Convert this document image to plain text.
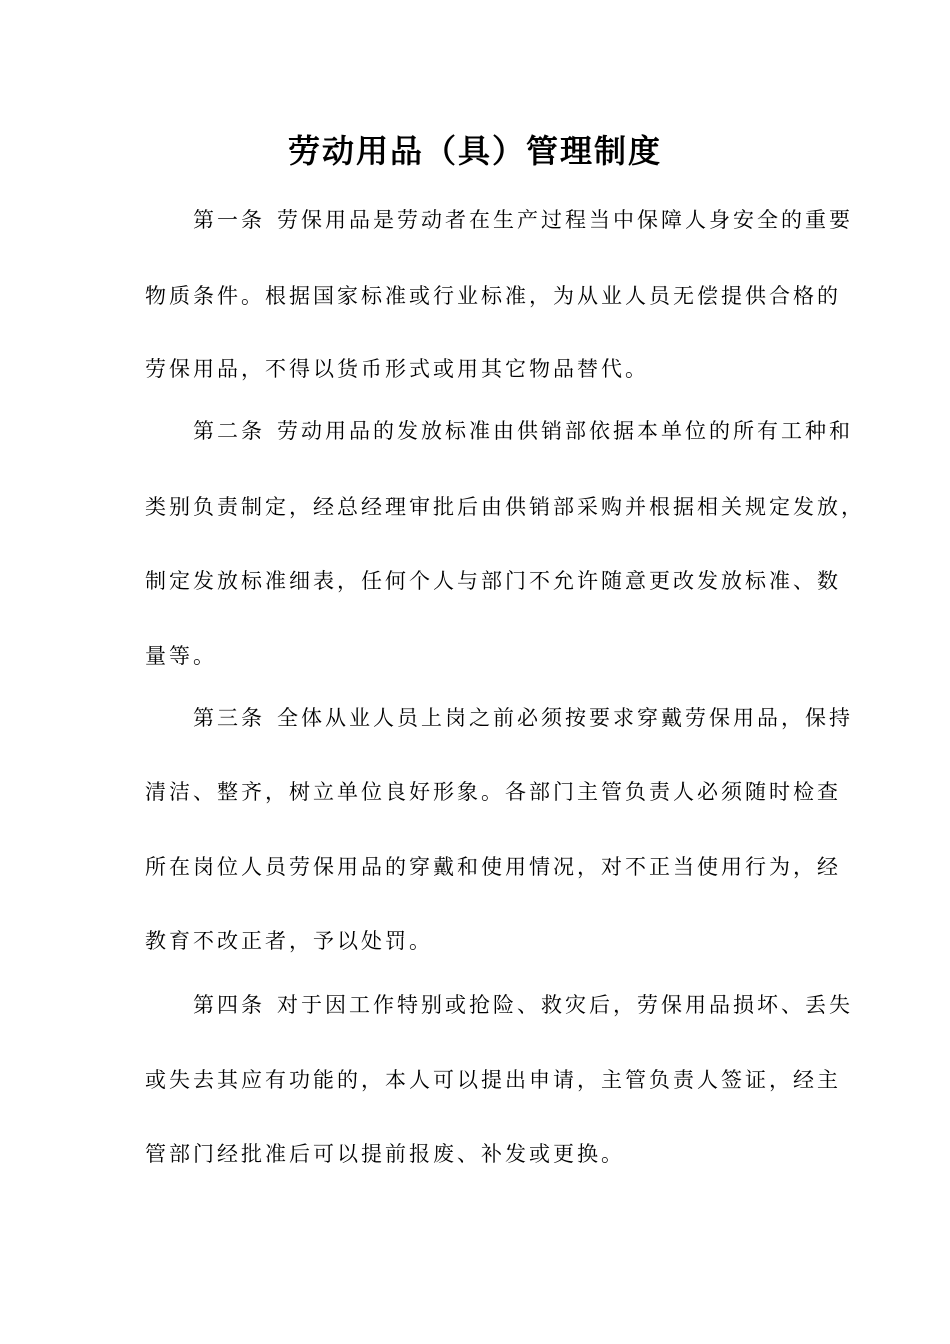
劳动用品（具）管理制度
第一条 劳保用品是劳动者在生产过程当中保障人身安全的重要
物质条件。根据国家标准或行业标准，为从业人员无偿提供合格的
劳保用品，不得以货币形式或用其它物品替代。
第二条 劳动用品的发放标准由供销部依据本单位的所有工种和
类别负责制定，经总经理审批后由供销部采购并根据相关规定发放，
制定发放标准细表，任何个人与部门不允许随意更改发放标准、数
量等。
第三条 全体从业人员上岗之前必须按要求穿戴劳保用品，保持
清洁、整齐，树立单位良好形象。各部门主管负责人必须随时检查
所在岗位人员劳保用品的穿戴和使用情况，对不正当使用行为，经
教育不改正者，予以处罚。
第四条 对于因工作特别或抢险、救灾后，劳保用品损坏、丢失
或失去其应有功能的，本人可以提出申请，主管负责人签证，经主
管部门经批准后可以提前报废、补发或更换。
